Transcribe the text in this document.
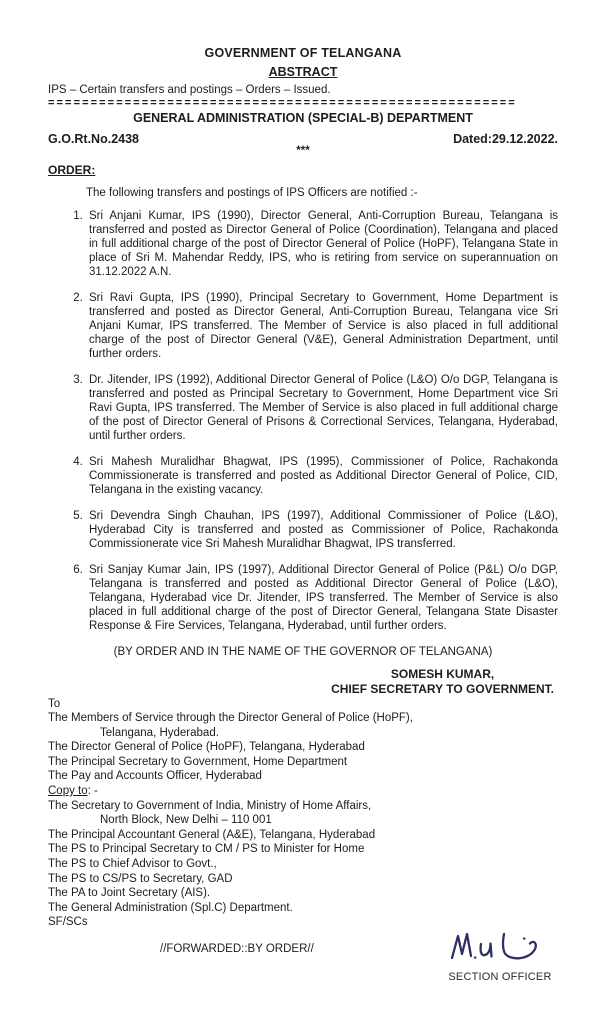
GOVERNMENT OF TELANGANA
ABSTRACT
IPS – Certain transfers and postings – Orders – Issued.
=======================================================
GENERAL ADMINISTRATION (SPECIAL-B) DEPARTMENT
G.O.Rt.No.2438	Dated:29.12.2022.
***
ORDER:
The following transfers and postings of IPS Officers are notified :-
1. Sri Anjani Kumar, IPS (1990), Director General, Anti-Corruption Bureau, Telangana is transferred and posted as Director General of Police (Coordination), Telangana and placed in full additional charge of the post of Director General of Police (HoPF), Telangana State in place of Sri M. Mahendar Reddy, IPS, who is retiring from service on superannuation on 31.12.2022 A.N.
2. Sri Ravi Gupta, IPS (1990), Principal Secretary to Government, Home Department is transferred and posted as Director General, Anti-Corruption Bureau, Telangana vice Sri Anjani Kumar, IPS transferred. The Member of Service is also placed in full additional charge of the post of Director General (V&E), General Administration Department, until further orders.
3. Dr. Jitender, IPS (1992), Additional Director General of Police (L&O) O/o DGP, Telangana is transferred and posted as Principal Secretary to Government, Home Department vice Sri Ravi Gupta, IPS transferred. The Member of Service is also placed in full additional charge of the post of Director General of Prisons & Correctional Services, Telangana, Hyderabad, until further orders.
4. Sri Mahesh Muralidhar Bhagwat, IPS (1995), Commissioner of Police, Rachakonda Commissionerate is transferred and posted as Additional Director General of Police, CID, Telangana in the existing vacancy.
5. Sri Devendra Singh Chauhan, IPS (1997), Additional Commissioner of Police (L&O), Hyderabad City is transferred and posted as Commissioner of Police, Rachakonda Commissionerate vice Sri Mahesh Muralidhar Bhagwat, IPS transferred.
6. Sri Sanjay Kumar Jain, IPS (1997), Additional Director General of Police (P&L) O/o DGP, Telangana is transferred and posted as Additional Director General of Police (L&O), Telangana, Hyderabad vice Dr. Jitender, IPS transferred. The Member of Service is also placed in full additional charge of the post of Director General, Telangana State Disaster Response & Fire Services, Telangana, Hyderabad, until further orders.
(BY ORDER AND IN THE NAME OF THE GOVERNOR OF TELANGANA)
SOMESH KUMAR,
CHIEF SECRETARY TO GOVERNMENT.
To
The Members of Service through the Director General of Police (HoPF),
Telangana, Hyderabad.
The Director General of Police (HoPF), Telangana, Hyderabad
The Principal Secretary to Government, Home Department
The Pay and Accounts Officer, Hyderabad
Copy to: -
The Secretary to Government of India, Ministry of Home Affairs,
North Block, New Delhi – 110 001
The Principal Accountant General (A&E), Telangana, Hyderabad
The PS to Principal Secretary to CM / PS to Minister for Home
The PS to Chief Advisor to Govt.,
The PS to CS/PS to Secretary, GAD
The PA to Joint Secretary (AIS).
The General Administration (Spl.C) Department.
SF/SCs
//FORWARDED::BY ORDER//
SECTION OFFICER
